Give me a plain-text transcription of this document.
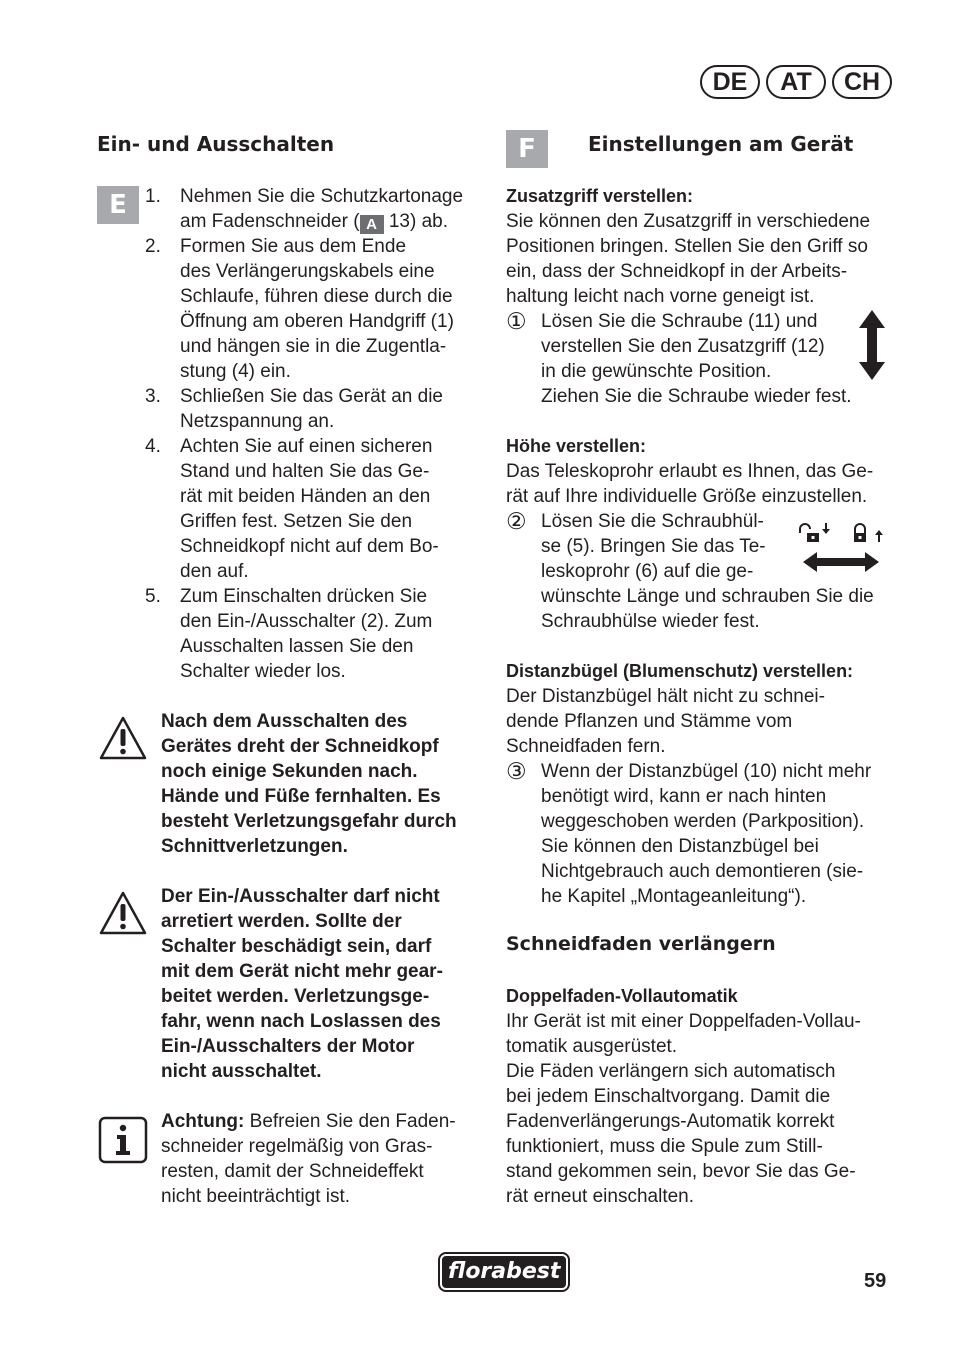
DE	AT	CH
Ein- und Ausschalten
E 1.	Nehmen Sie die Schutzkartonage
am Fadenschneider ( A 13) ab.
2.	Formen Sie aus dem Ende
des Verlängerungskabels eine
Schlaufe, führen diese durch die
Öffnung am oberen Handgriff (1)
und hängen sie in die Zugentla-
stung (4) ein.
3.	Schließen Sie das Gerät an die
Netzspannung an.
4.	Achten Sie auf einen sicheren
Stand und halten Sie das Ge-
rät mit beiden Händen an den
Griffen fest. Setzen Sie den
Schneidkopf nicht auf dem Bo-
den auf.
5.	Zum Einschalten drücken Sie
den Ein-/Ausschalter (2). Zum
Ausschalten lassen Sie den
Schalter wieder los.
Nach dem Ausschalten des
Gerätes dreht der Schneidkopf
noch einige Sekunden nach.
Hände und Füße fernhalten. Es
besteht Verletzungsgefahr durch
Schnittverletzungen.
Der Ein-/Ausschalter darf nicht
arretiert werden. Sollte der
Schalter beschädigt sein, darf
mit dem Gerät nicht mehr gear-
beitet werden. Verletzungsge-
fahr, wenn nach Loslassen des
Ein-/Ausschalters der Motor
nicht ausschaltet.
Achtung: Befreien Sie den Faden-
schneider regelmäßig von Gras-
resten, damit der Schneideffekt
nicht beeinträchtigt ist.
F	Einstellungen am Gerät
Zusatzgriff verstellen:
Sie können den Zusatzgriff in verschiedene
Positionen bringen. Stellen Sie den Griff so
ein, dass der Schneidkopf in der Arbeits-
haltung leicht nach vorne geneigt ist.
① Lösen Sie die Schraube (11) und
verstellen Sie den Zusatzgriff (12)
in die gewünschte Position.
Ziehen Sie die Schraube wieder fest.
Höhe verstellen:
Das Teleskoprohr erlaubt es Ihnen, das Ge-
rät auf Ihre individuelle Größe einzustellen.
② Lösen Sie die Schraubhül-
se (5). Bringen Sie das Te-
leskoprohr (6) auf die ge-
wünschte Länge und schrauben Sie die
Schraubhülse wieder fest.
Distanzbügel (Blumenschutz) verstellen:
Der Distanzbügel hält nicht zu schnei-
dende Pflanzen und Stämme vom
Schneidfaden fern.
③ Wenn der Distanzbügel (10) nicht mehr
benötigt wird, kann er nach hinten
weggeschoben werden (Parkposition).
Sie können den Distanzbügel bei
Nichtgebrauch auch demontieren (sie-
he Kapitel „Montageanleitung“).
Schneidfaden verlängern
Doppelfaden-Vollautomatik
Ihr Gerät ist mit einer Doppelfaden-Vollau-
tomatik ausgerüstet.
Die Fäden verlängern sich automatisch
bei jedem Einschaltvorgang. Damit die
Fadenverlängerungs-Automatik korrekt
funktioniert, muss die Spule zum Still-
stand gekommen sein, bevor Sie das Ge-
rät erneut einschalten.
florabest	59
